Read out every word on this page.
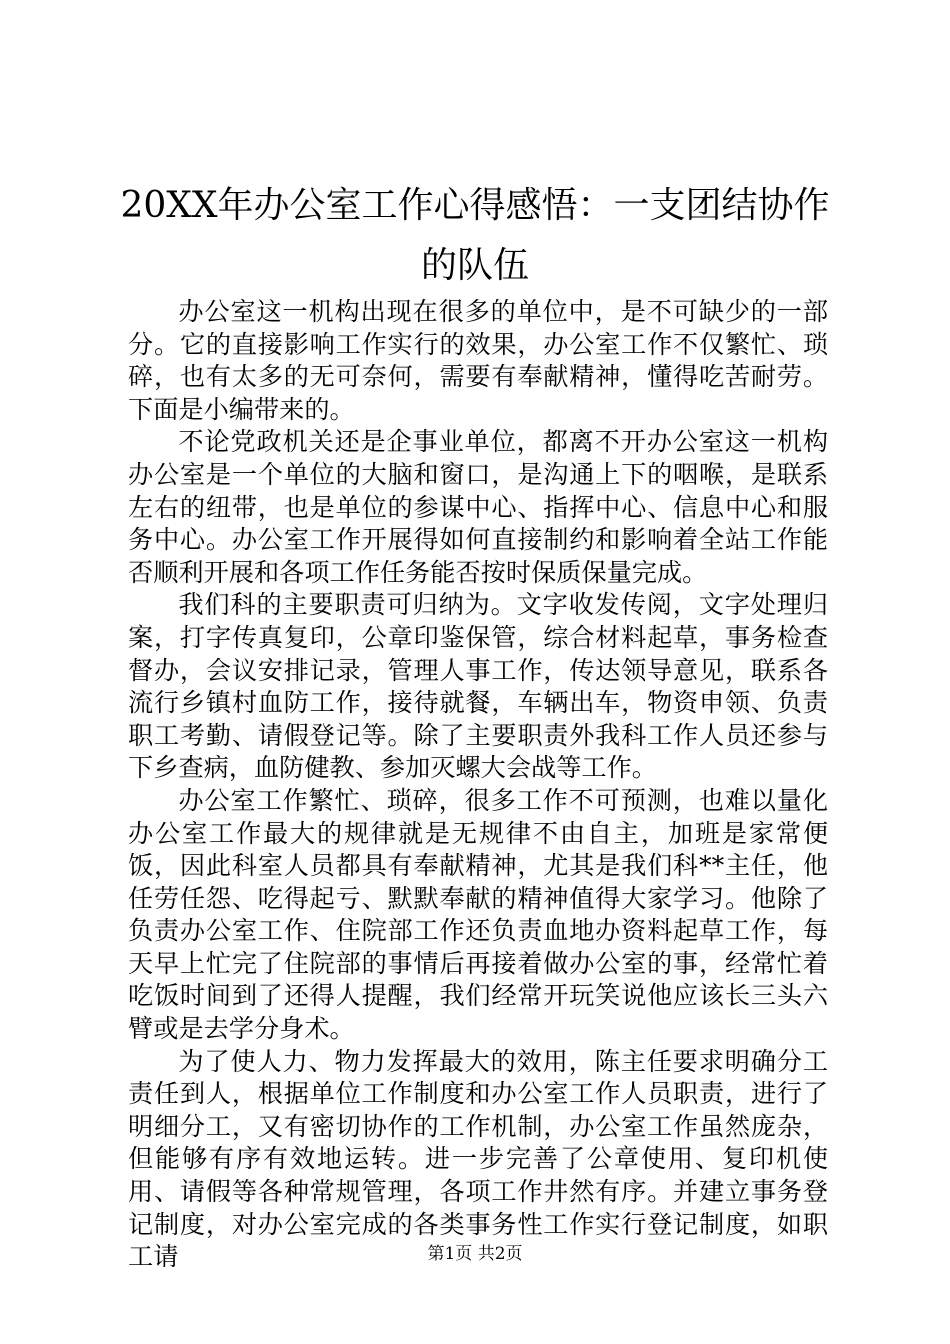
20XX年办公室工作心得感悟：一支团结协作
的队伍

办公室这一机构出现在很多的单位中，是不可缺少的一部分。它的直接影响工作实行的效果，办公室工作不仅繁忙、琐碎，也有太多的无可奈何，需要有奉献精神，懂得吃苦耐劳。下面是小编带来的。

不论党政机关还是企事业单位，都离不开办公室这一机构办公室是一个单位的大脑和窗口，是沟通上下的咽喉，是联系左右的纽带，也是单位的参谋中心、指挥中心、信息中心和服务中心。办公室工作开展得如何直接制约和影响着全站工作能否顺利开展和各项工作任务能否按时保质保量完成。

我们科的主要职责可归纳为。文字收发传阅，文字处理归案，打字传真复印，公章印鉴保管，综合材料起草，事务检查督办，会议安排记录，管理人事工作，传达领导意见，联系各流行乡镇村血防工作，接待就餐，车辆出车，物资申领、负责职工考勤、请假登记等。除了主要职责外我科工作人员还参与下乡查病，血防健教、参加灭螺大会战等工作。

办公室工作繁忙、琐碎，很多工作不可预测，也难以量化办公室工作最大的规律就是无规律不由自主，加班是家常便饭，因此科室人员都具有奉献精神，尤其是我们科**主任，他任劳任怨、吃得起亏、默默奉献的精神值得大家学习。他除了负责办公室工作、住院部工作还负责血地办资料起草工作，每天早上忙完了住院部的事情后再接着做办公室的事，经常忙着吃饭时间到了还得人提醒，我们经常开玩笑说他应该长三头六臂或是去学分身术。

为了使人力、物力发挥最大的效用，陈主任要求明确分工责任到人，根据单位工作制度和办公室工作人员职责，进行了明细分工，又有密切协作的工作机制，办公室工作虽然庞杂，但能够有序有效地运转。进一步完善了公章使用、复印机使用、请假等各种常规管理，各项工作井然有序。并建立事务登记制度，对办公室完成的各类事务性工作实行登记制度，如职工请	第1页 共2页
